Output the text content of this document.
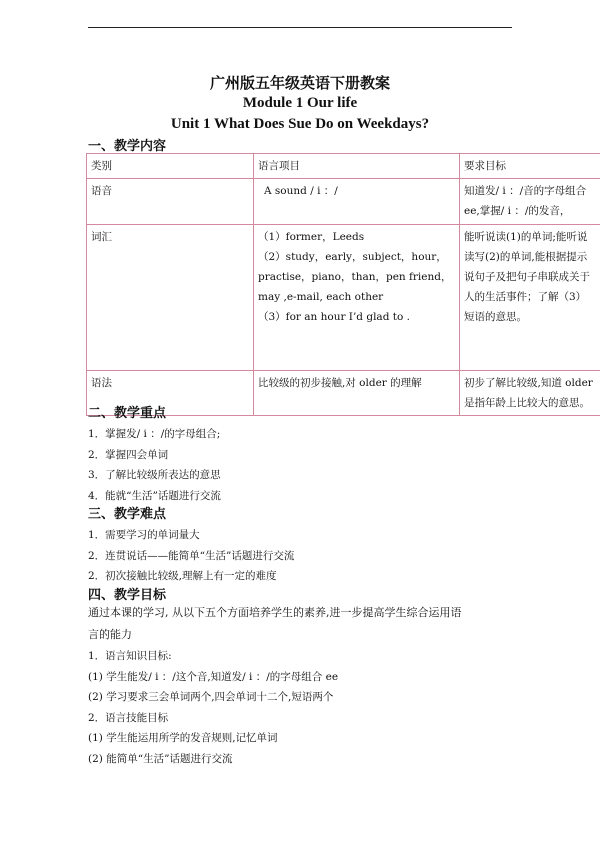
广州版五年级英语下册教案
Module 1 Our life
Unit 1 What Does Sue Do on Weekdays?
一、教学内容
类别	语言项目	要求目标
语音	A sound / i ：/	知道发/ i ：/音的字母组合
ee,掌握/ i ：/的发音，

词汇	（1）former，Leeds
（2）study，early，subject，hour，
practise，piano，than，pen friend，
may ,e-mail, each other
（3）for an hour I’d glad to .	能听说读(1)的单词;能听说
读写(2)的单词,能根据提示
说句子及把句子串联成关于
人的生活事件；了解（3）
短语的意思。

语法	比较级的初步接触,对 older 的理解	初步了解比较级,知道 older
是指年龄上比较大的意思。
二、教学重点
1．掌握发/ i ：/的字母组合;
2．掌握四会单词
3．了解比较级所表达的意思
4．能就“生活”话题进行交流
三、教学难点
1．需要学习的单词量大
2．连贯说话——能简单“生活”话题进行交流
2．初次接触比较级,理解上有一定的难度
四、教学目标
通过本课的学习, 从以下五个方面培养学生的素养,进一步提高学生综合运用语
言的能力
1．语言知识目标:
(1) 学生能发/ i ：/这个音,知道发/ i ：/的字母组合 ee
(2) 学习要求三会单词两个,四会单词十二个,短语两个
2．语言技能目标
(1) 学生能运用所学的发音规则,记忆单词
(2) 能简单“生活”话题进行交流
